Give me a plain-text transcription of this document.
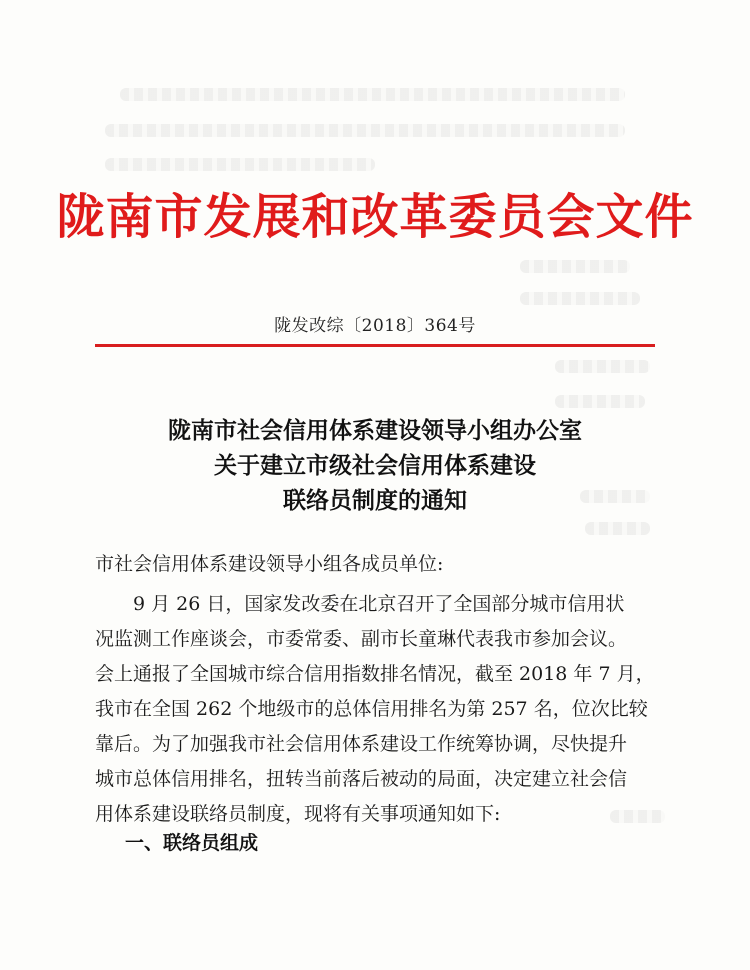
陇南市发展和改革委员会文件
陇发改综〔2018〕364号
陇南市社会信用体系建设领导小组办公室
关于建立市级社会信用体系建设
联络员制度的通知
市社会信用体系建设领导小组各成员单位:
9 月 26 日，国家发改委在北京召开了全国部分城市信用状
况监测工作座谈会，市委常委、副市长童琳代表我市参加会议。
会上通报了全国城市综合信用指数排名情况，截至 2018 年 7 月，
我市在全国 262 个地级市的总体信用排名为第 257 名，位次比较
靠后。为了加强我市社会信用体系建设工作统筹协调，尽快提升
城市总体信用排名，扭转当前落后被动的局面，决定建立社会信
用体系建设联络员制度，现将有关事项通知如下:
一、联络员组成
